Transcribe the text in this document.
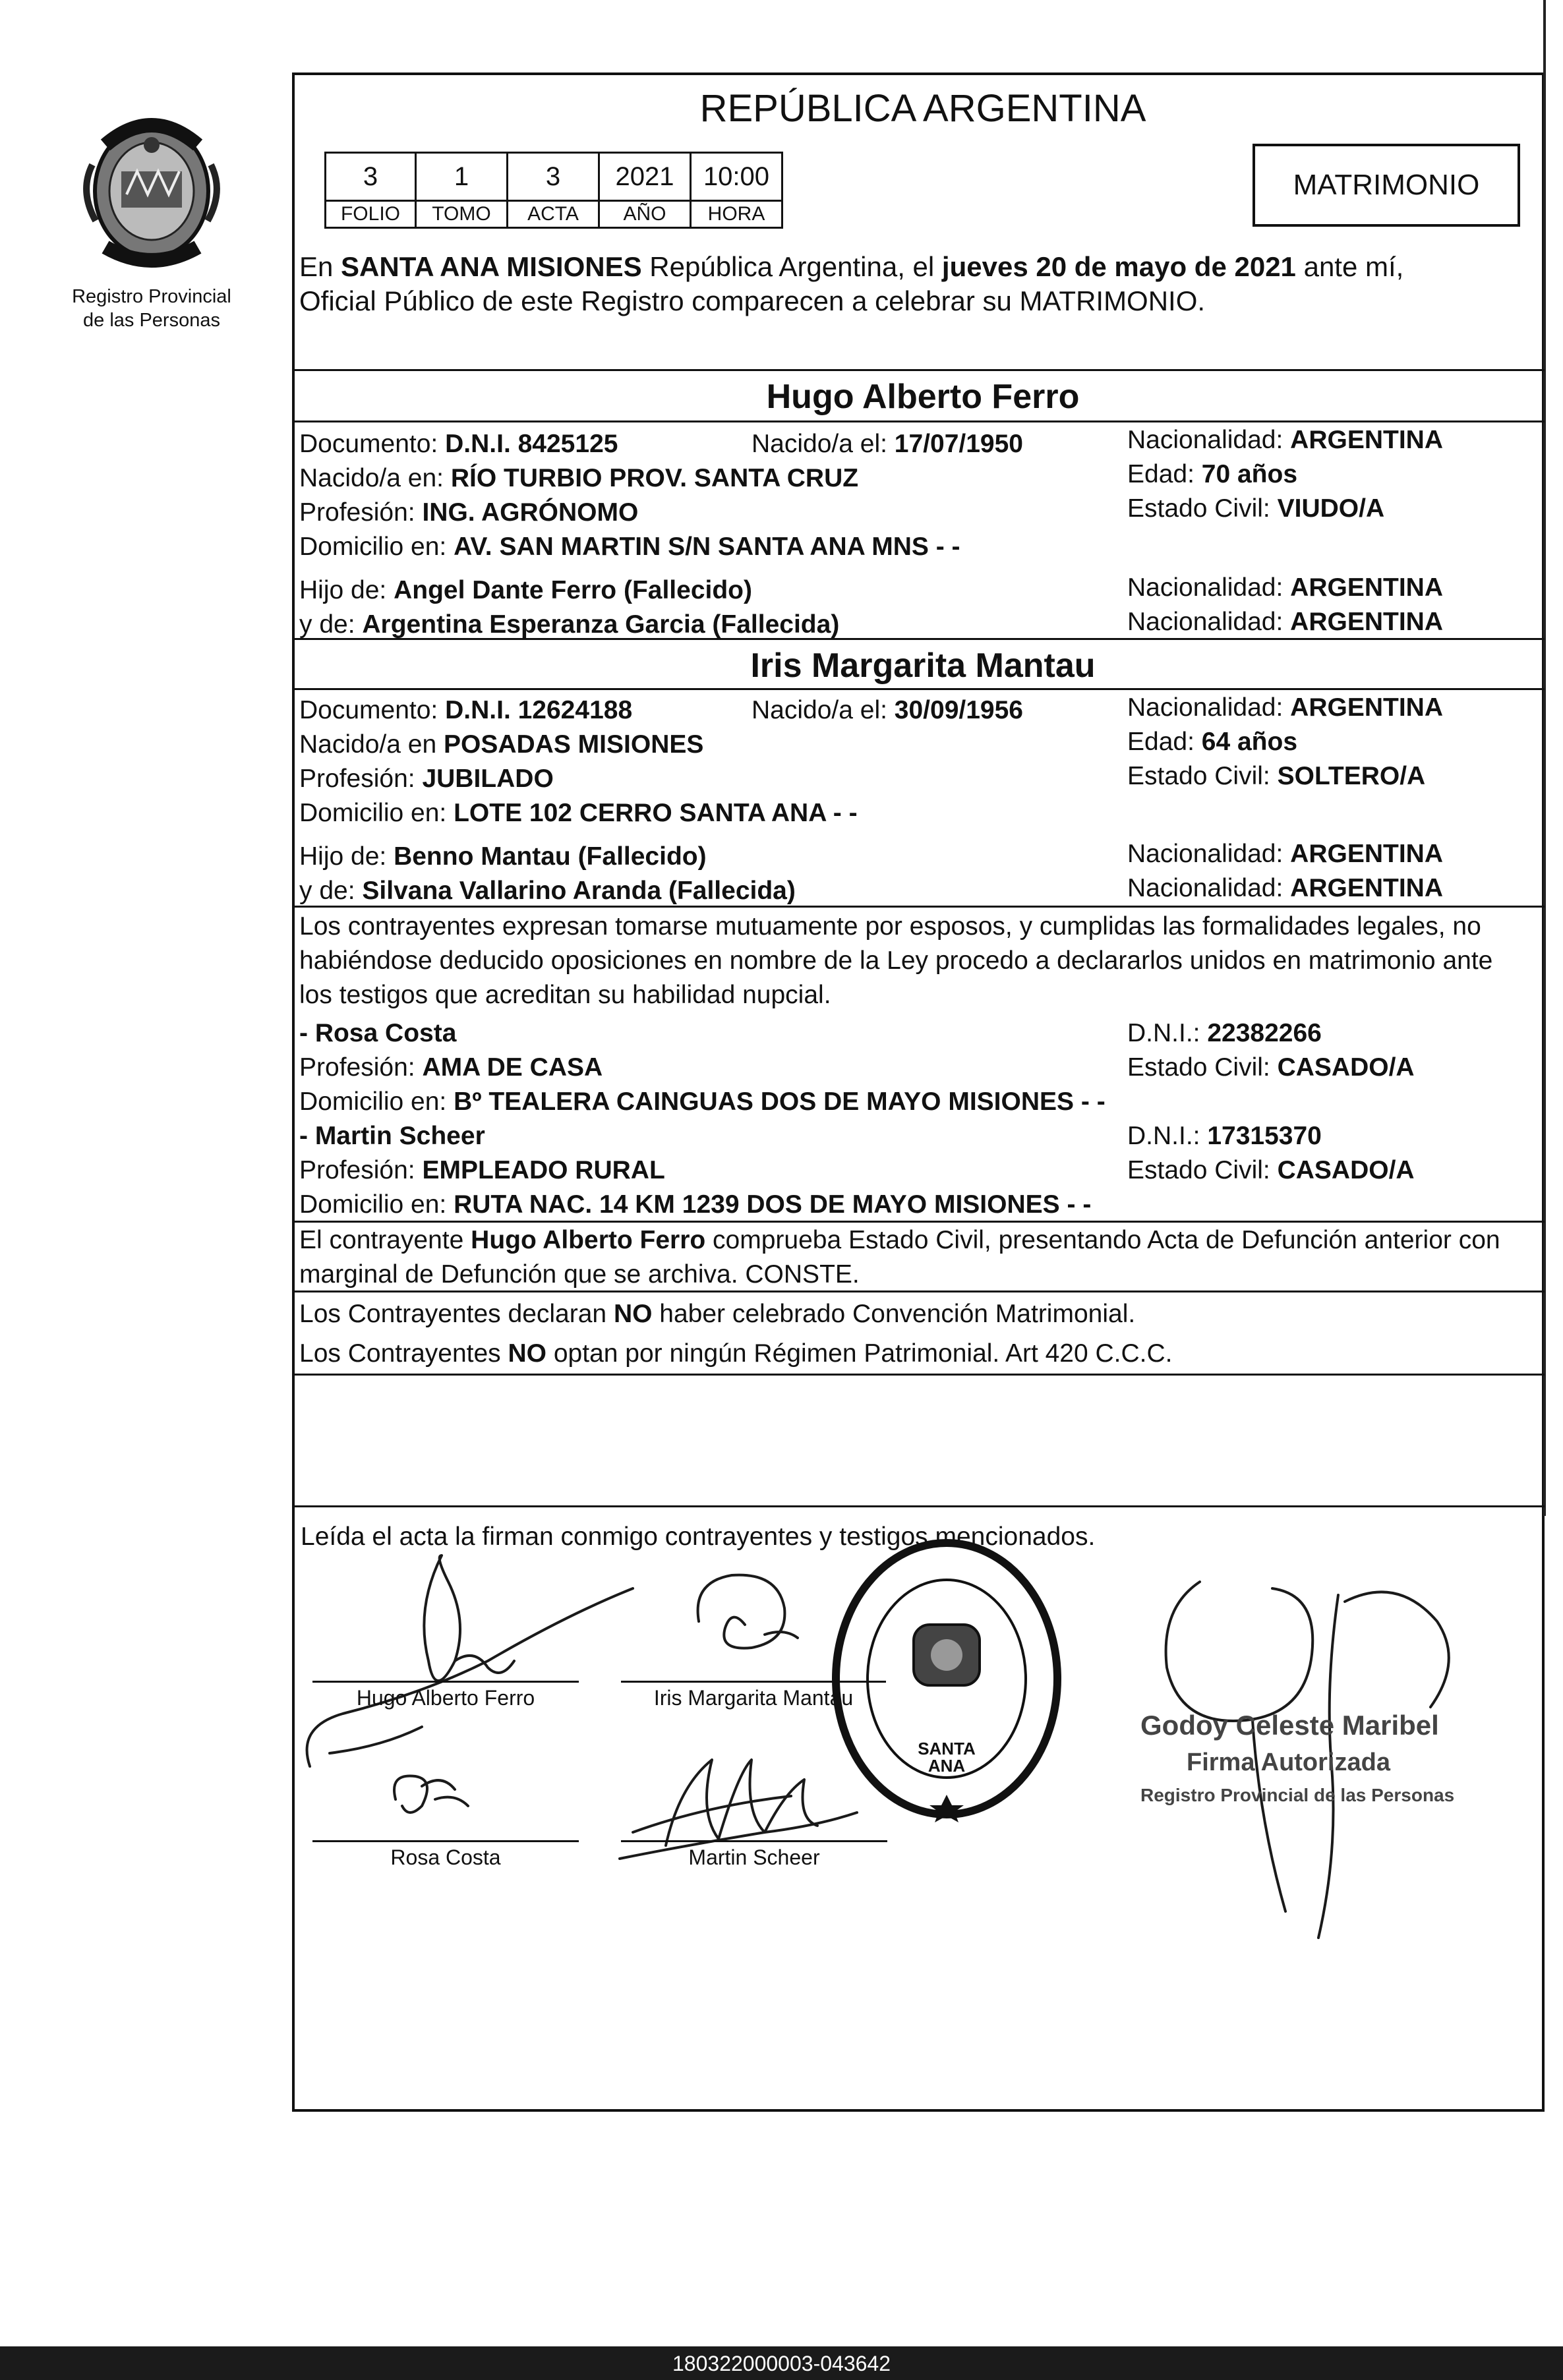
Registro Provincial
de las Personas
REPÚBLICA ARGENTINA
3	1	3	2021	10:00
FOLIO	TOMO	ACTA	AÑO	HORA
MATRIMONIO
En SANTA ANA MISIONES República Argentina, el jueves 20 de mayo de 2021 ante mí,
Oficial Público de este Registro comparecen a celebrar su MATRIMONIO.
Hugo Alberto Ferro
Documento: D.N.I. 8425125	Nacido/a el: 17/07/1950	Nacionalidad: ARGENTINA
Nacido/a en: RÍO TURBIO PROV. SANTA CRUZ	Edad: 70 años
Profesión: ING. AGRÓNOMO	Estado Civil: VIUDO/A
Domicilio en: AV. SAN MARTIN S/N SANTA ANA MNS - -
Hijo de: Angel Dante Ferro (Fallecido)	Nacionalidad: ARGENTINA
y de: Argentina Esperanza Garcia (Fallecida)	Nacionalidad: ARGENTINA
Iris Margarita Mantau
Documento: D.N.I. 12624188	Nacido/a el: 30/09/1956	Nacionalidad: ARGENTINA
Nacido/a en POSADAS MISIONES	Edad: 64 años
Profesión: JUBILADO	Estado Civil: SOLTERO/A
Domicilio en: LOTE 102 CERRO SANTA ANA - -
Hijo de: Benno Mantau (Fallecido)	Nacionalidad: ARGENTINA
y de: Silvana Vallarino Aranda (Fallecida)	Nacionalidad: ARGENTINA
Los contrayentes expresan tomarse mutuamente por esposos, y cumplidas las formalidades legales, no
habiéndose deducido oposiciones en nombre de la Ley procedo a declararlos unidos en matrimonio ante
los testigos que acreditan su habilidad nupcial.
- Rosa Costa	D.N.I.: 22382266
Profesión: AMA DE CASA	Estado Civil: CASADO/A
Domicilio en: Bº TEALERA CAINGUAS DOS DE MAYO MISIONES - -
- Martin Scheer	D.N.I.: 17315370
Profesión: EMPLEADO RURAL	Estado Civil: CASADO/A
Domicilio en: RUTA NAC. 14 KM 1239 DOS DE MAYO MISIONES - -
El contrayente Hugo Alberto Ferro comprueba Estado Civil, presentando Acta de Defunción anterior con
marginal de Defunción que se archiva. CONSTE.
Los Contrayentes declaran NO haber celebrado Convención Matrimonial.
Los Contrayentes NO optan por ningún Régimen Patrimonial. Art 420 C.C.C.
Leída el acta la firman conmigo contrayentes y testigos mencionados.
SANTA ANA
Hugo Alberto Ferro	Iris Margarita Mantau
Rosa Costa	Martin Scheer
Godoy Celeste Maribel
Firma Autorizada
Registro Provincial de las Personas
180322000003-043642
